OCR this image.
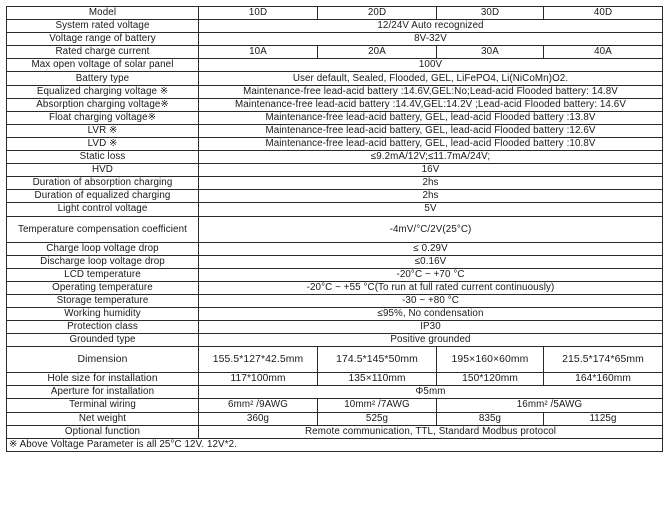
Model	10D	20D	30D	40D
System rated voltage	12/24V Auto recognized			
Voltage range of battery	8V-32V			
Rated charge current	10A	20A	30A	40A
Max open voltage of solar panel	100V			
Battery type	User default, Sealed, Flooded, GEL, LiFePO4, Li(NiCoMn)O2.			
Equalized charging voltage ※	Maintenance-free lead-acid battery :14.6V,GEL:No;Lead-acid Flooded battery: 14.8V			
Absorption charging voltage※	Maintenance-free lead-acid battery :14.4V,GEL:14.2V ;Lead-acid Flooded battery: 14.6V			
Float charging voltage※	Maintenance-free lead-acid battery, GEL, lead-acid Flooded battery :13.8V			
LVR ※	Maintenance-free lead-acid battery, GEL, lead-acid Flooded battery :12.6V			
LVD ※	Maintenance-free lead-acid battery, GEL, lead-acid Flooded battery :10.8V			
Static loss	≤9.2mA/12V;≤11.7mA/24V;			
HVD	16V			
Duration of absorption charging	2hs			
Duration of equalized charging	2hs			
Light control voltage	5V			
Temperature compensation coefficient	-4mV/°C/2V(25°C)			
Charge loop voltage drop	≤ 0.29V			
Discharge loop voltage drop	≤0.16V			
LCD temperature	-20°C ~ +70 °C			
Operating temperature	-20°C ~ +55 °C(To run at full rated current continuously)			
Storage temperature	-30 ~ +80 °C			
Working humidity	≤95%, No condensation			
Protection class	IP30			
Grounded type	Positive grounded			
Dimension	155.5*127*42.5mm	174.5*145*50mm	195×160×60mm	215.5*174*65mm
Hole size for installation	117*100mm	135×110mm	150*120mm	164*160mm
Aperture for installation	Φ5mm			
Terminal wiring	6mm² /9AWG	10mm² /7AWG	16mm² /5AWG	
Net weight	360g	525g	835g	1125g
Optional function	Remote communication, TTL, Standard Modbus protocol			
※ Above Voltage Parameter is all 25°C 12V. 12V*2.				
